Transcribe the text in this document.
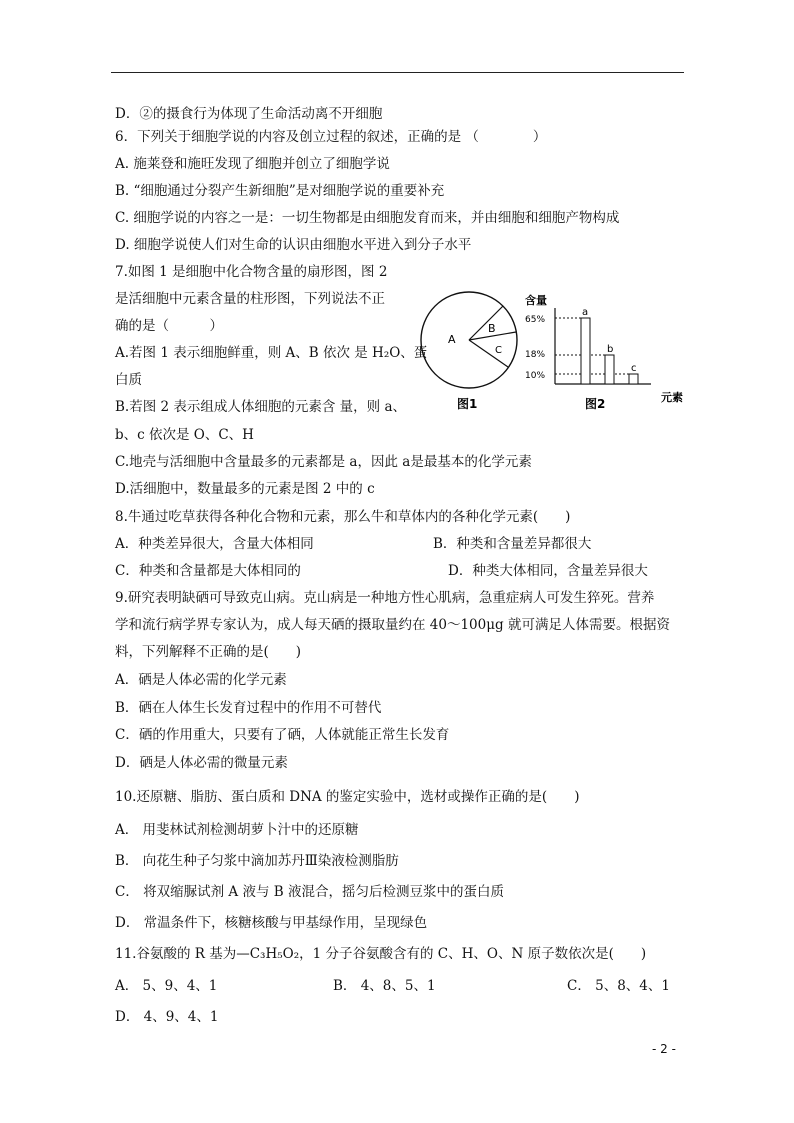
D．②的摄食行为体现了生命活动离不开细胞
6．下列关于细胞学说的内容及创立过程的叙述，正确的是 （　　　　）
A. 施莱登和施旺发现了细胞并创立了细胞学说
B. “细胞通过分裂产生新细胞”是对细胞学说的重要补充
C. 细胞学说的内容之一是：一切生物都是由细胞发育而来，并由细胞和细胞产物构成
D. 细胞学说使人们对生命的认识由细胞水平进入到分子水平
7.如图 1 是细胞中化合物含量的扇形图，图 2
是活细胞中元素含量的柱形图，下列说法不正
确的是（　　　）
A.若图 1 表示细胞鲜重，则 A、B 依次 是 H₂O、蛋
白质
B.若图 2 表示组成人体细胞的元素含 量，则 a、
b、c 依次是 O、C、H
C.地壳与活细胞中含量最多的元素都是 a，因此 a是最基本的化学元素
D.活细胞中，数量最多的元素是图 2 中的 c
8.牛通过吃草获得各种化合物和元素，那么牛和草体内的各种化学元素(　　)
A．种类差异很大，含量大体相同	B．种类和含量差异都很大
C．种类和含量都是大体相同的	D．种类大体相同，含量差异很大
9.研究表明缺硒可导致克山病。克山病是一种地方性心肌病，急重症病人可发生猝死。营养
学和流行病学界专家认为，成人每天硒的摄取量约在 40～100μg 就可满足人体需要。根据资
料，下列解释不正确的是(　　)
A．硒是人体必需的化学元素
B．硒在人体生长发育过程中的作用不可替代
C．硒的作用重大，只要有了硒，人体就能正常生长发育
D．硒是人体必需的微量元素
10.还原糖、脂肪、蛋白质和 DNA 的鉴定实验中，选材或操作正确的是(　　)
A． 用斐林试剂检测胡萝卜汁中的还原糖
B． 向花生种子匀浆中滴加苏丹Ⅲ染液检测脂肪
C． 将双缩脲试剂 A 液与 B 液混合，摇匀后检测豆浆中的蛋白质
D． 常温条件下，核糖核酸与甲基绿作用，呈现绿色
11.谷氨酸的 R 基为—C₃H₅O₂，1 分子谷氨酸含有的 C、H、O、N 原子数依次是(　　)
A． 5、9、4、1	B． 4、8、5、1	C． 5、8、4、1
D． 4、9、4、1
A
B
C
图1
含量
65%
18%
10%
a
b
c
图2	元素
- 2 -
